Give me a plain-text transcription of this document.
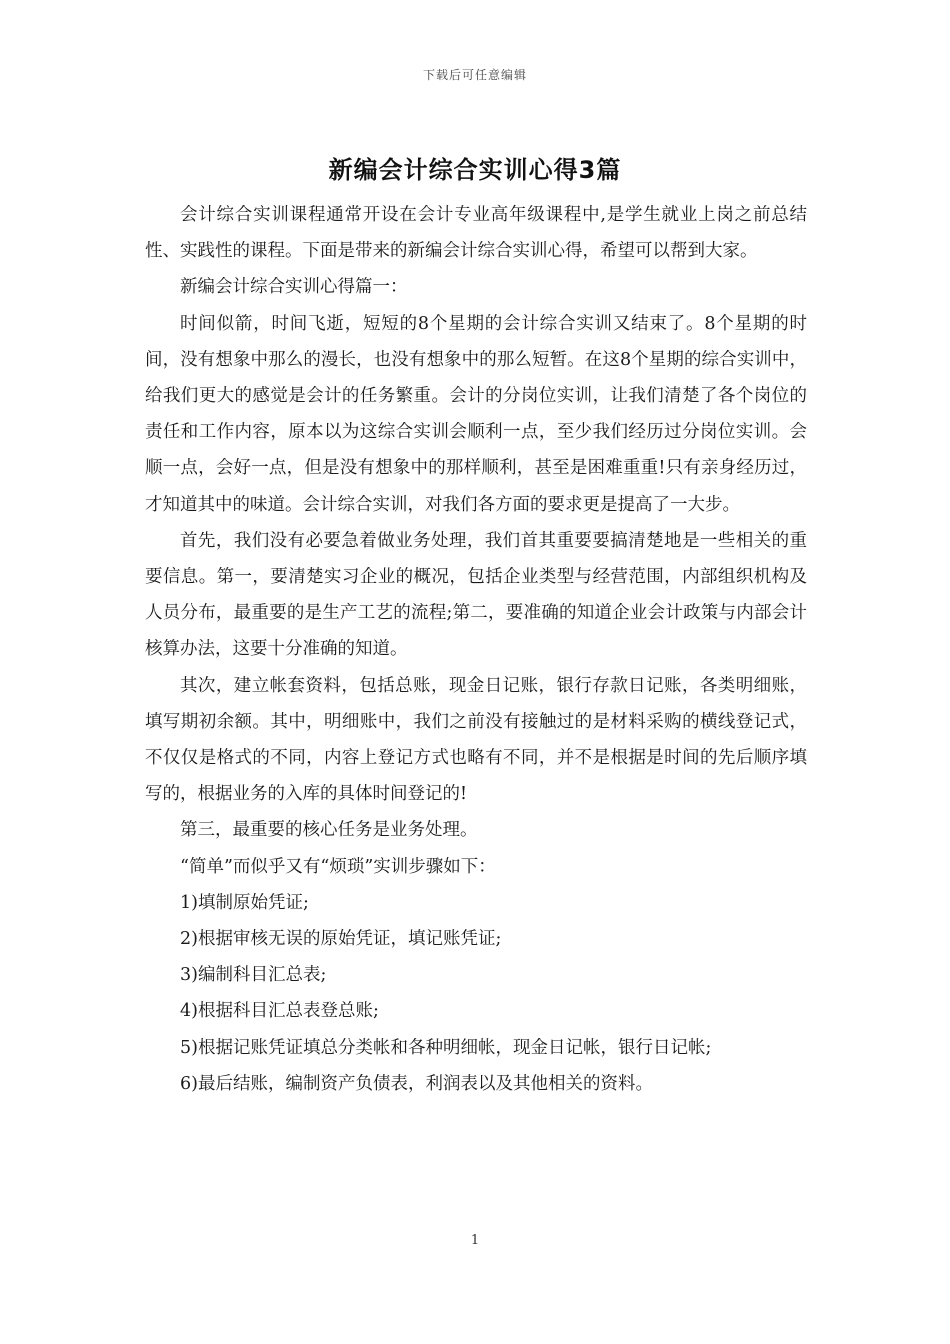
下载后可任意编辑
新编会计综合实训心得3篇

会计综合实训课程通常开设在会计专业高年级课程中,是学生就业上岗之前总结性、实践性的课程。下面是带来的新编会计综合实训心得，希望可以帮到大家。

新编会计综合实训心得篇一：

时间似箭，时间飞逝，短短的8个星期的会计综合实训又结束了。8个星期的时间，没有想象中那么的漫长，也没有想象中的那么短暂。在这8个星期的综合实训中，给我们更大的感觉是会计的任务繁重。会计的分岗位实训，让我们清楚了各个岗位的责任和工作内容，原本以为这综合实训会顺利一点，至少我们经历过分岗位实训。会顺一点，会好一点，但是没有想象中的那样顺利，甚至是困难重重!只有亲身经历过，才知道其中的味道。会计综合实训，对我们各方面的要求更是提高了一大步。

首先，我们没有必要急着做业务处理，我们首其重要要搞清楚地是一些相关的重要信息。第一，要清楚实习企业的概况，包括企业类型与经营范围，内部组织机构及人员分布，最重要的是生产工艺的流程;第二，要准确的知道企业会计政策与内部会计核算办法，这要十分准确的知道。

其次，建立帐套资料，包括总账，现金日记账，银行存款日记账，各类明细账，填写期初余额。其中，明细账中，我们之前没有接触过的是材料采购的横线登记式，不仅仅是格式的不同，内容上登记方式也略有不同，并不是根据是时间的先后顺序填写的，根据业务的入库的具体时间登记的!

第三，最重要的核心任务是业务处理。

“简单”而似乎又有“烦琐”实训步骤如下：

1)填制原始凭证;

2)根据审核无误的原始凭证，填记账凭证;

3)编制科目汇总表;

4)根据科目汇总表登总账;

5)根据记账凭证填总分类帐和各种明细帐，现金日记帐，银行日记帐;

6)最后结账，编制资产负债表，利润表以及其他相关的资料。

1
